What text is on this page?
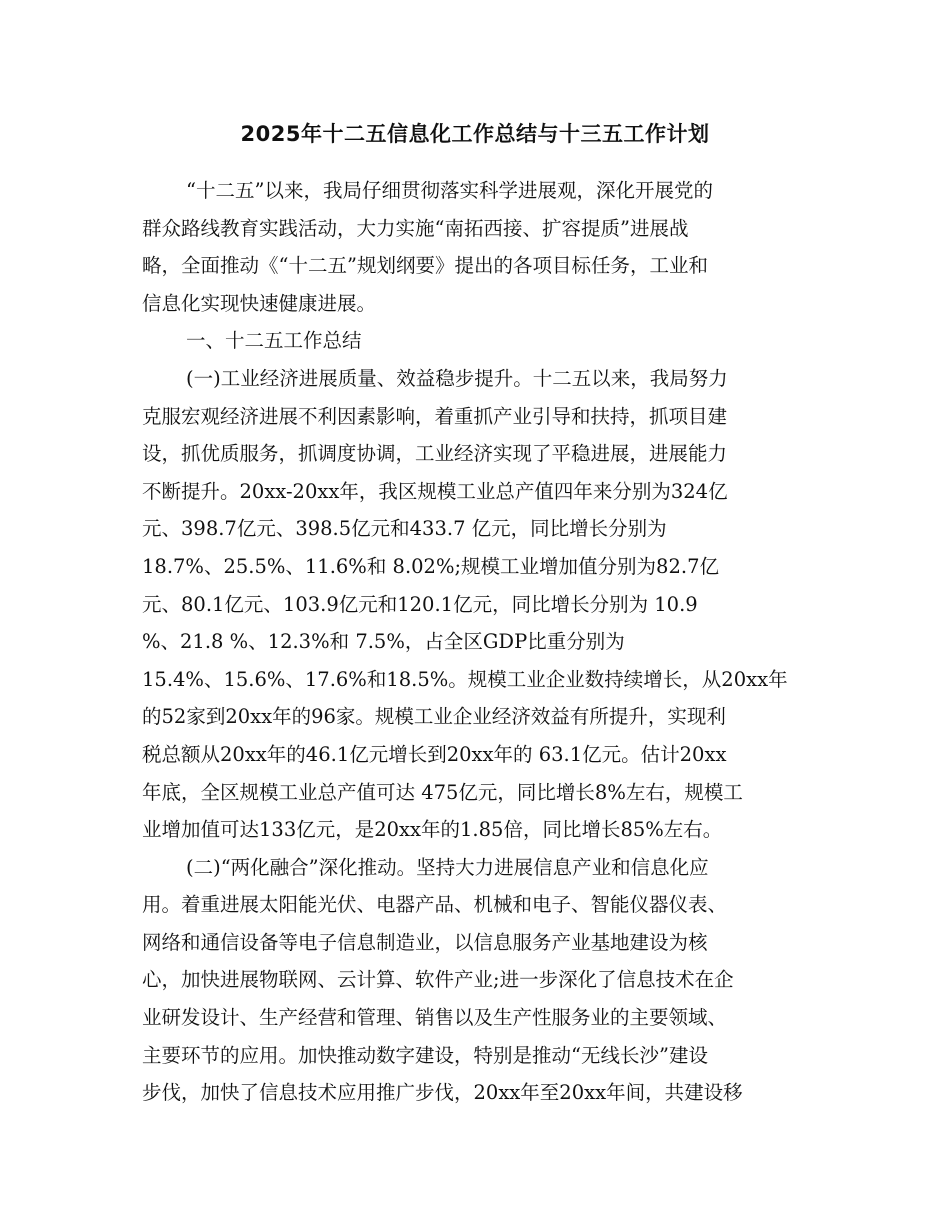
2025年十二五信息化工作总结与十三五工作计划
“十二五”以来，我局仔细贯彻落实科学进展观，深化开展党的
群众路线教育实践活动，大力实施“南拓西接、扩容提质”进展战
略，全面推动《“十二五”规划纲要》提出的各项目标任务，工业和
信息化实现快速健康进展。
一、十二五工作总结
(一)工业经济进展质量、效益稳步提升。十二五以来，我局努力
克服宏观经济进展不利因素影响，着重抓产业引导和扶持，抓项目建
设，抓优质服务，抓调度协调，工业经济实现了平稳进展，进展能力
不断提升。20xx-20xx年，我区规模工业总产值四年来分别为324亿
元、398.7亿元、398.5亿元和433.7 亿元，同比增长分别为
18.7%、25.5%、11.6%和 8.02%;规模工业增加值分别为82.7亿
元、80.1亿元、103.9亿元和120.1亿元，同比增长分别为 10.9
%、21.8 %、12.3%和 7.5%，占全区GDP比重分别为
15.4%、15.6%、17.6%和18.5%。规模工业企业数持续增长，从20xx年
的52家到20xx年的96家。规模工业企业经济效益有所提升，实现利
税总额从20xx年的46.1亿元增长到20xx年的 63.1亿元。估计20xx
年底，全区规模工业总产值可达 475亿元，同比增长8%左右，规模工
业增加值可达133亿元，是20xx年的1.85倍，同比增长85%左右。
(二)“两化融合”深化推动。坚持大力进展信息产业和信息化应
用。着重进展太阳能光伏、电器产品、机械和电子、智能仪器仪表、
网络和通信设备等电子信息制造业，以信息服务产业基地建设为核
心，加快进展物联网、云计算、软件产业;进一步深化了信息技术在企
业研发设计、生产经营和管理、销售以及生产性服务业的主要领域、
主要环节的应用。加快推动数字建设，特别是推动“无线长沙”建设
步伐，加快了信息技术应用推广步伐，20xx年至20xx年间，共建设移
